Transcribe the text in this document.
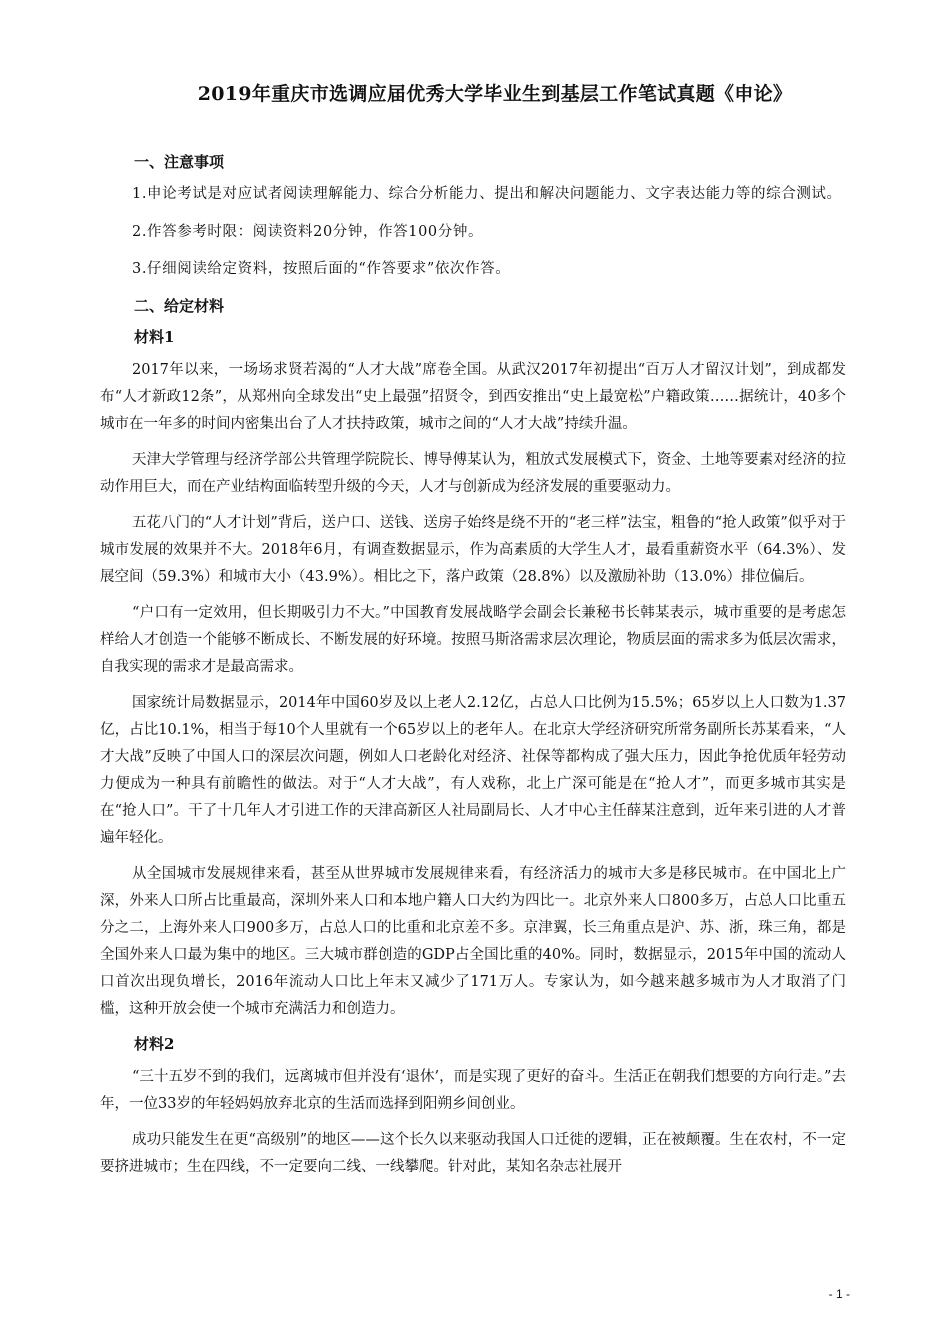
2019年重庆市选调应届优秀大学毕业生到基层工作笔试真题《申论》
一、注意事项

1.申论考试是对应试者阅读理解能力、综合分析能力、提出和解决问题能力、文字表达能力等的综合测试。

2.作答参考时限：阅读资料20分钟，作答100分钟。

3.仔细阅读给定资料，按照后面的“作答要求”依次作答。

二、给定材料
材料1

2017年以来，一场场求贤若渴的“人才大战”席卷全国。从武汉2017年初提出“百万人才留汉计划”，到成都发布“人才新政12条”，从郑州向全球发出“史上最强”招贤令，到西安推出“史上最宽松”户籍政策……据统计，40多个城市在一年多的时间内密集出台了人才扶持政策，城市之间的“人才大战”持续升温。

天津大学管理与经济学部公共管理学院院长、博导傅某认为，粗放式发展模式下，资金、土地等要素对经济的拉动作用巨大，而在产业结构面临转型升级的今天，人才与创新成为经济发展的重要驱动力。

五花八门的“人才计划”背后，送户口、送钱、送房子始终是绕不开的“老三样”法宝，粗鲁的“抢人政策”似乎对于城市发展的效果并不大。2018年6月，有调查数据显示，作为高素质的大学生人才，最看重薪资水平（64.3%）、发展空间（59.3%）和城市大小（43.9%）。相比之下，落户政策（28.8%）以及激励补助（13.0%）排位偏后。

“户口有一定效用，但长期吸引力不大。”中国教育发展战略学会副会长兼秘书长韩某表示，城市重要的是考虑怎样给人才创造一个能够不断成长、不断发展的好环境。按照马斯洛需求层次理论，物质层面的需求多为低层次需求，自我实现的需求才是最高需求。

国家统计局数据显示，2014年中国60岁及以上老人2.12亿，占总人口比例为15.5%；65岁以上人口数为1.37亿，占比10.1%，相当于每10个人里就有一个65岁以上的老年人。在北京大学经济研究所常务副所长苏某看来，“人才大战”反映了中国人口的深层次问题，例如人口老龄化对经济、社保等都构成了强大压力，因此争抢优质年轻劳动力便成为一种具有前瞻性的做法。对于“人才大战”，有人戏称，北上广深可能是在“抢人才”，而更多城市其实是在“抢人口”。干了十几年人才引进工作的天津高新区人社局副局长、人才中心主任薛某注意到，近年来引进的人才普遍年轻化。

从全国城市发展规律来看，甚至从世界城市发展规律来看，有经济活力的城市大多是移民城市。在中国北上广深，外来人口所占比重最高，深圳外来人口和本地户籍人口大约为四比一。北京外来人口800多万，占总人口比重五分之二，上海外来人口900多万，占总人口的比重和北京差不多。京津翼，长三角重点是沪、苏、浙，珠三角，都是全国外来人口最为集中的地区。三大城市群创造的GDP占全国比重的40%。同时，数据显示，2015年中国的流动人口首次出现负增长，2016年流动人口比上年末又减少了171万人。专家认为，如今越来越多城市为人才取消了门槛，这种开放会使一个城市充满活力和创造力。

材料2

“三十五岁不到的我们，远离城市但并没有‘退休’，而是实现了更好的奋斗。生活正在朝我们想要的方向行走。”去年，一位33岁的年轻妈妈放弃北京的生活而选择到阳朔乡间创业。

成功只能发生在更“高级别”的地区——这个长久以来驱动我国人口迁徙的逻辑，正在被颠覆。生在农村，不一定要挤进城市；生在四线，不一定要向二线、一线攀爬。针对此，某知名杂志社展开

- 1 -
